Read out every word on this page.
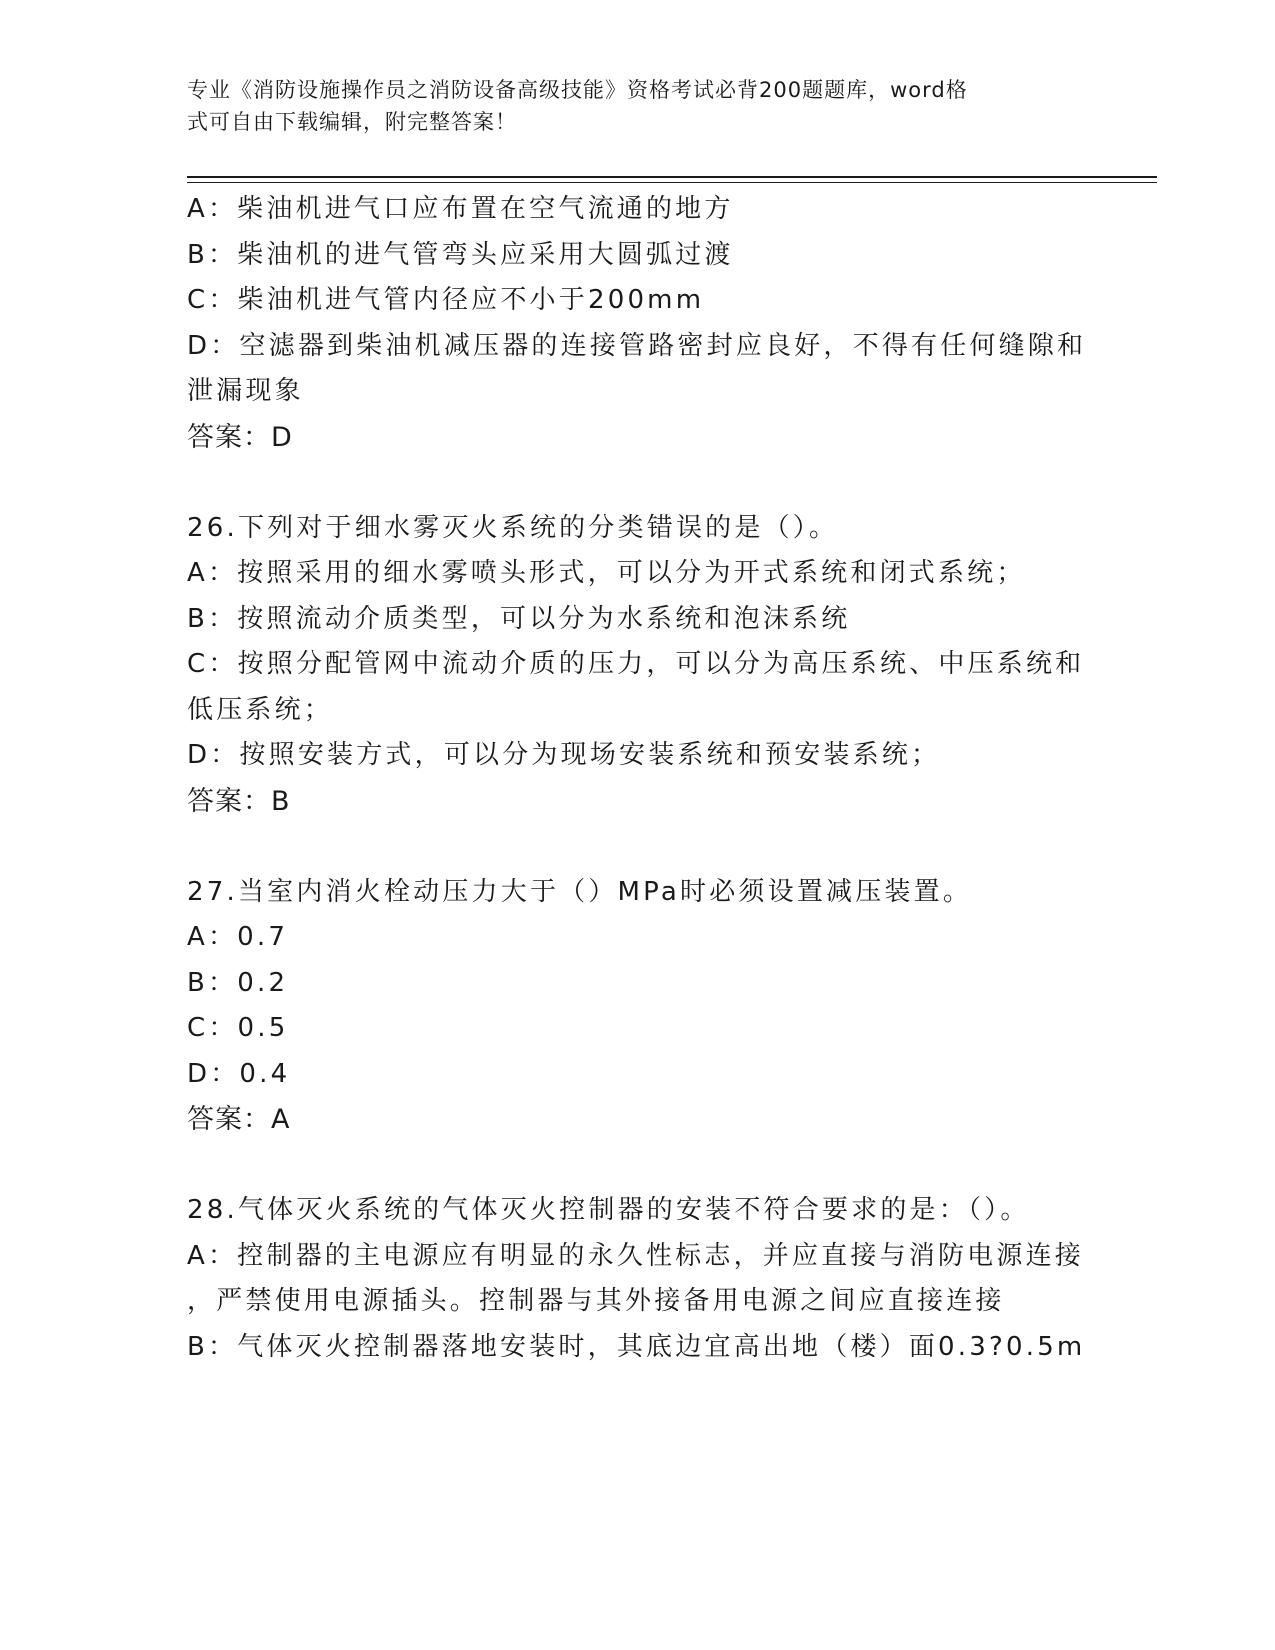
专业《消防设施操作员之消防设备高级技能》资格考试必背200题题库，word格
式可自由下载编辑，附完整答案！
A：柴油机进气口应布置在空气流通的地方
B：柴油机的进气管弯头应采用大圆弧过渡
C：柴油机进气管内径应不小于200mm
D：空滤器到柴油机减压器的连接管路密封应良好，不得有任何缝隙和
泄漏现象
答案：D
26.下列对于细水雾灭火系统的分类错误的是（）。
A：按照采用的细水雾喷头形式，可以分为开式系统和闭式系统；
B：按照流动介质类型，可以分为水系统和泡沫系统
C：按照分配管网中流动介质的压力，可以分为高压系统、中压系统和
低压系统；
D：按照安装方式，可以分为现场安装系统和预安装系统；
答案：B
27.当室内消火栓动压力大于（）MPa时必须设置减压装置。
A：0.7
B：0.2
C：0.5
D：0.4
答案：A
28.气体灭火系统的气体灭火控制器的安装不符合要求的是：（）。
A：控制器的主电源应有明显的永久性标志，并应直接与消防电源连接
，严禁使用电源插头。控制器与其外接备用电源之间应直接连接
B：气体灭火控制器落地安装时，其底边宜高出地（楼）面0.3?0.5m
